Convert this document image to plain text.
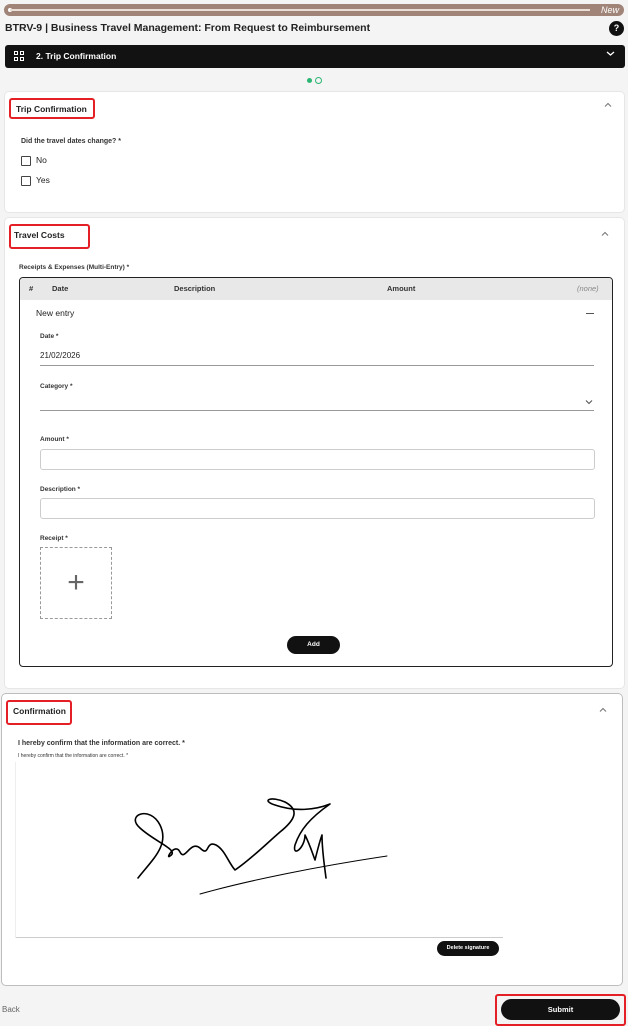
New
BTRV-9 | Business Travel Management: From Request to Reimbursement	?
2. Trip Confirmation
Trip Confirmation
Did the travel dates change? *
No
Yes
Travel Costs
Receipts & Expenses (Multi-Entry) *
#	Date	Description	Amount	(none)
New entry
Date *
21/02/2026
Category *
Amount *
Description *
Receipt *
+
Add
Confirmation
I hereby confirm that the information are correct. *
I hereby confirm that the information are correct. *
Delete signature
Back	Submit
